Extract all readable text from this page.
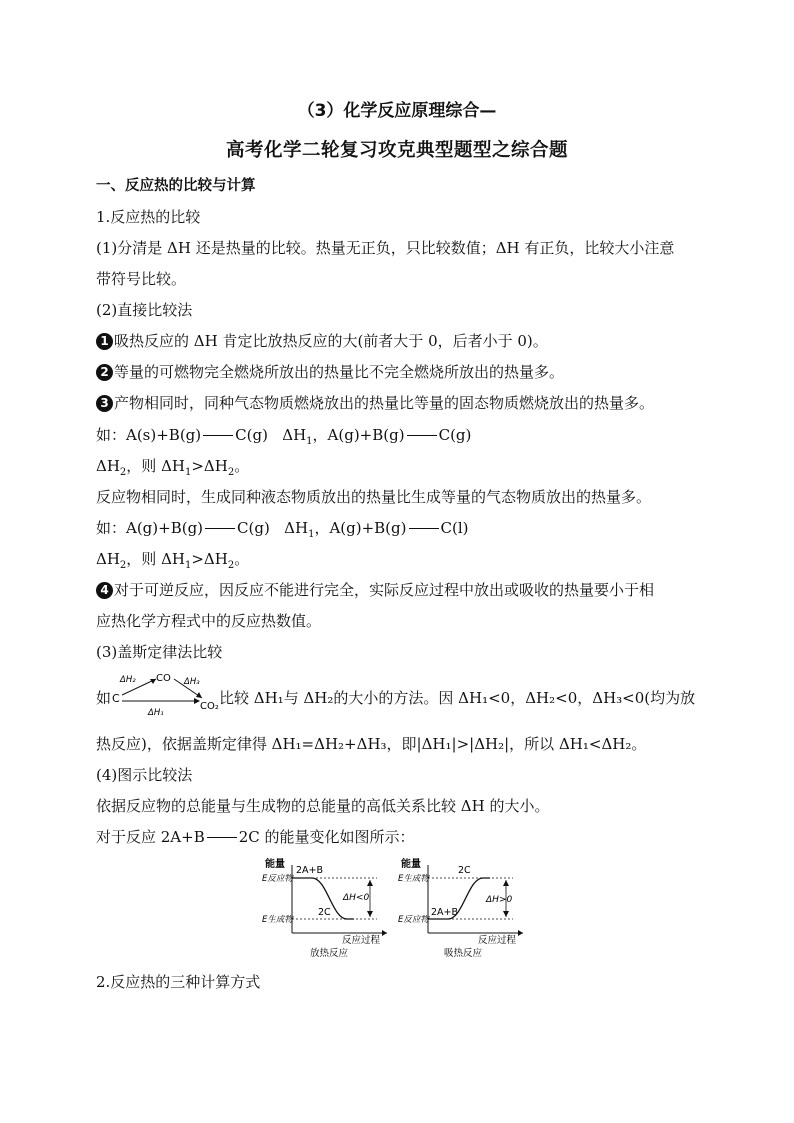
（3）化学反应原理综合—
高考化学二轮复习攻克典型题型之综合题
一、反应热的比较与计算
1.反应热的比较
(1)分清是 ΔH 还是热量的比较。热量无正负，只比较数值；ΔH 有正负，比较大小注意
带符号比较。
(2)直接比较法
1 吸热反应的 ΔH 肯定比放热反应的大(前者大于 0，后者小于 0)。
2 等量的可燃物完全燃烧所放出的热量比不完全燃烧所放出的热量多。
3 产物相同时，同种气态物质燃烧放出的热量比等量的固态物质燃烧放出的热量多。
如：A(s)+B(g) C(g) $\Delta H_1$，A(g)+B(g) C(g)
$\Delta H_2$，则 $\Delta H_1>\Delta H_2$。
反应物相同时，生成同种液态物质放出的热量比生成等量的气态物质放出的热量多。
如：A(g)+B(g) C(g) $\Delta H_1$，A(g)+B(g) C(l)
$\Delta H_2$，则 $\Delta H_1>\Delta H_2$。
4 对于可逆反应，因反应不能进行完全，实际反应过程中放出或吸收的热量要小于相
应热化学方程式中的反应热数值。
(3)盖斯定律法比较
如 C
CO
CO₂
ΔH₂	ΔH₃
ΔH₁
比较 ΔH₁与 ΔH₂的大小的方法。因 ΔH₁<0，ΔH₂<0，ΔH₃<0(均为放
热反应)，依据盖斯定律得 ΔH₁=ΔH₂+ΔH₃，即|ΔH₁|>|ΔH₂|，所以 ΔH₁<ΔH₂。
(4)图示比较法
依据反应物的总能量与生成物的总能量的高低关系比较 ΔH 的大小。
对于反应 2A+B 2C 的能量变化如图所示：
能量
E反应物
E生成物
2A+B
2C
ΔH<0
反应过程
放热反应
能量
E生成物
E反应物
2C
2A+B
ΔH>0
反应过程
吸热反应
2.反应热的三种计算方式
